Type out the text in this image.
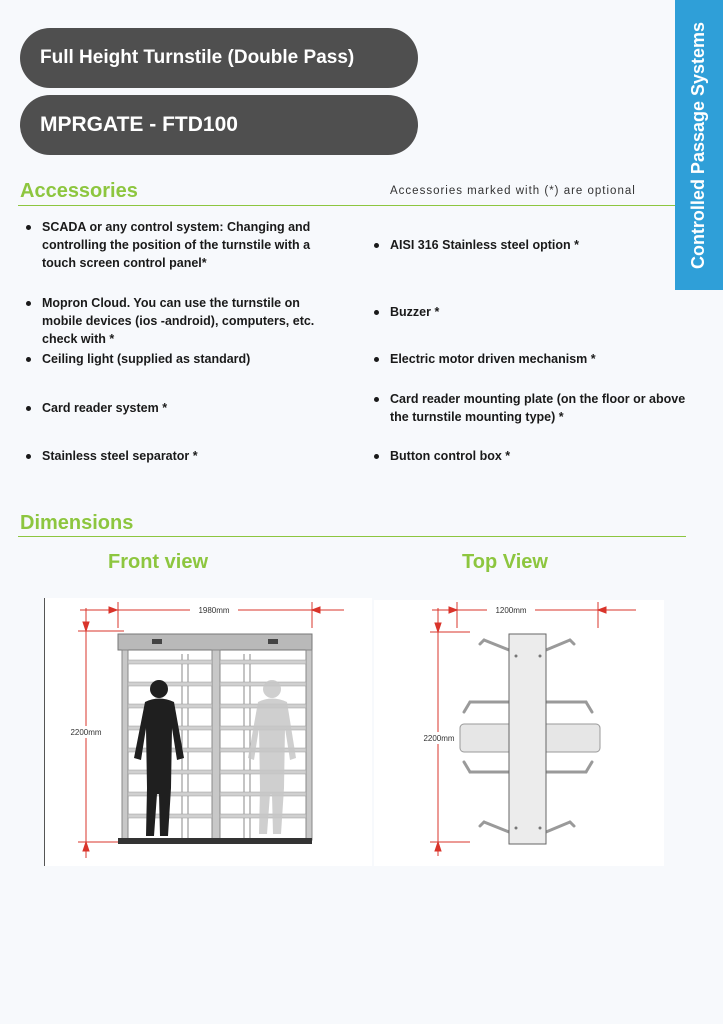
Full Height Turnstile (Double Pass)
MPRGATE - FTD100	Controlled Passage Systems
Accessories	Accessories marked with (*) are optional
SCADA or any control system: Changing and controlling the position of the turnstile with a touch screen control panel*
Mopron Cloud. You can use the turnstile on mobile devices (ios -android), computers, etc. check with *
Ceiling light (supplied as standard)
Card reader system *
Stainless steel separator *
AISI 316 Stainless steel option *
Buzzer *
Electric motor driven mechanism *
Card reader mounting plate (on the floor or above the turnstile mounting type) *
Button control box *
Dimensions
Front view	Top View
1980mm
2200mm
1200mm
2200mm
